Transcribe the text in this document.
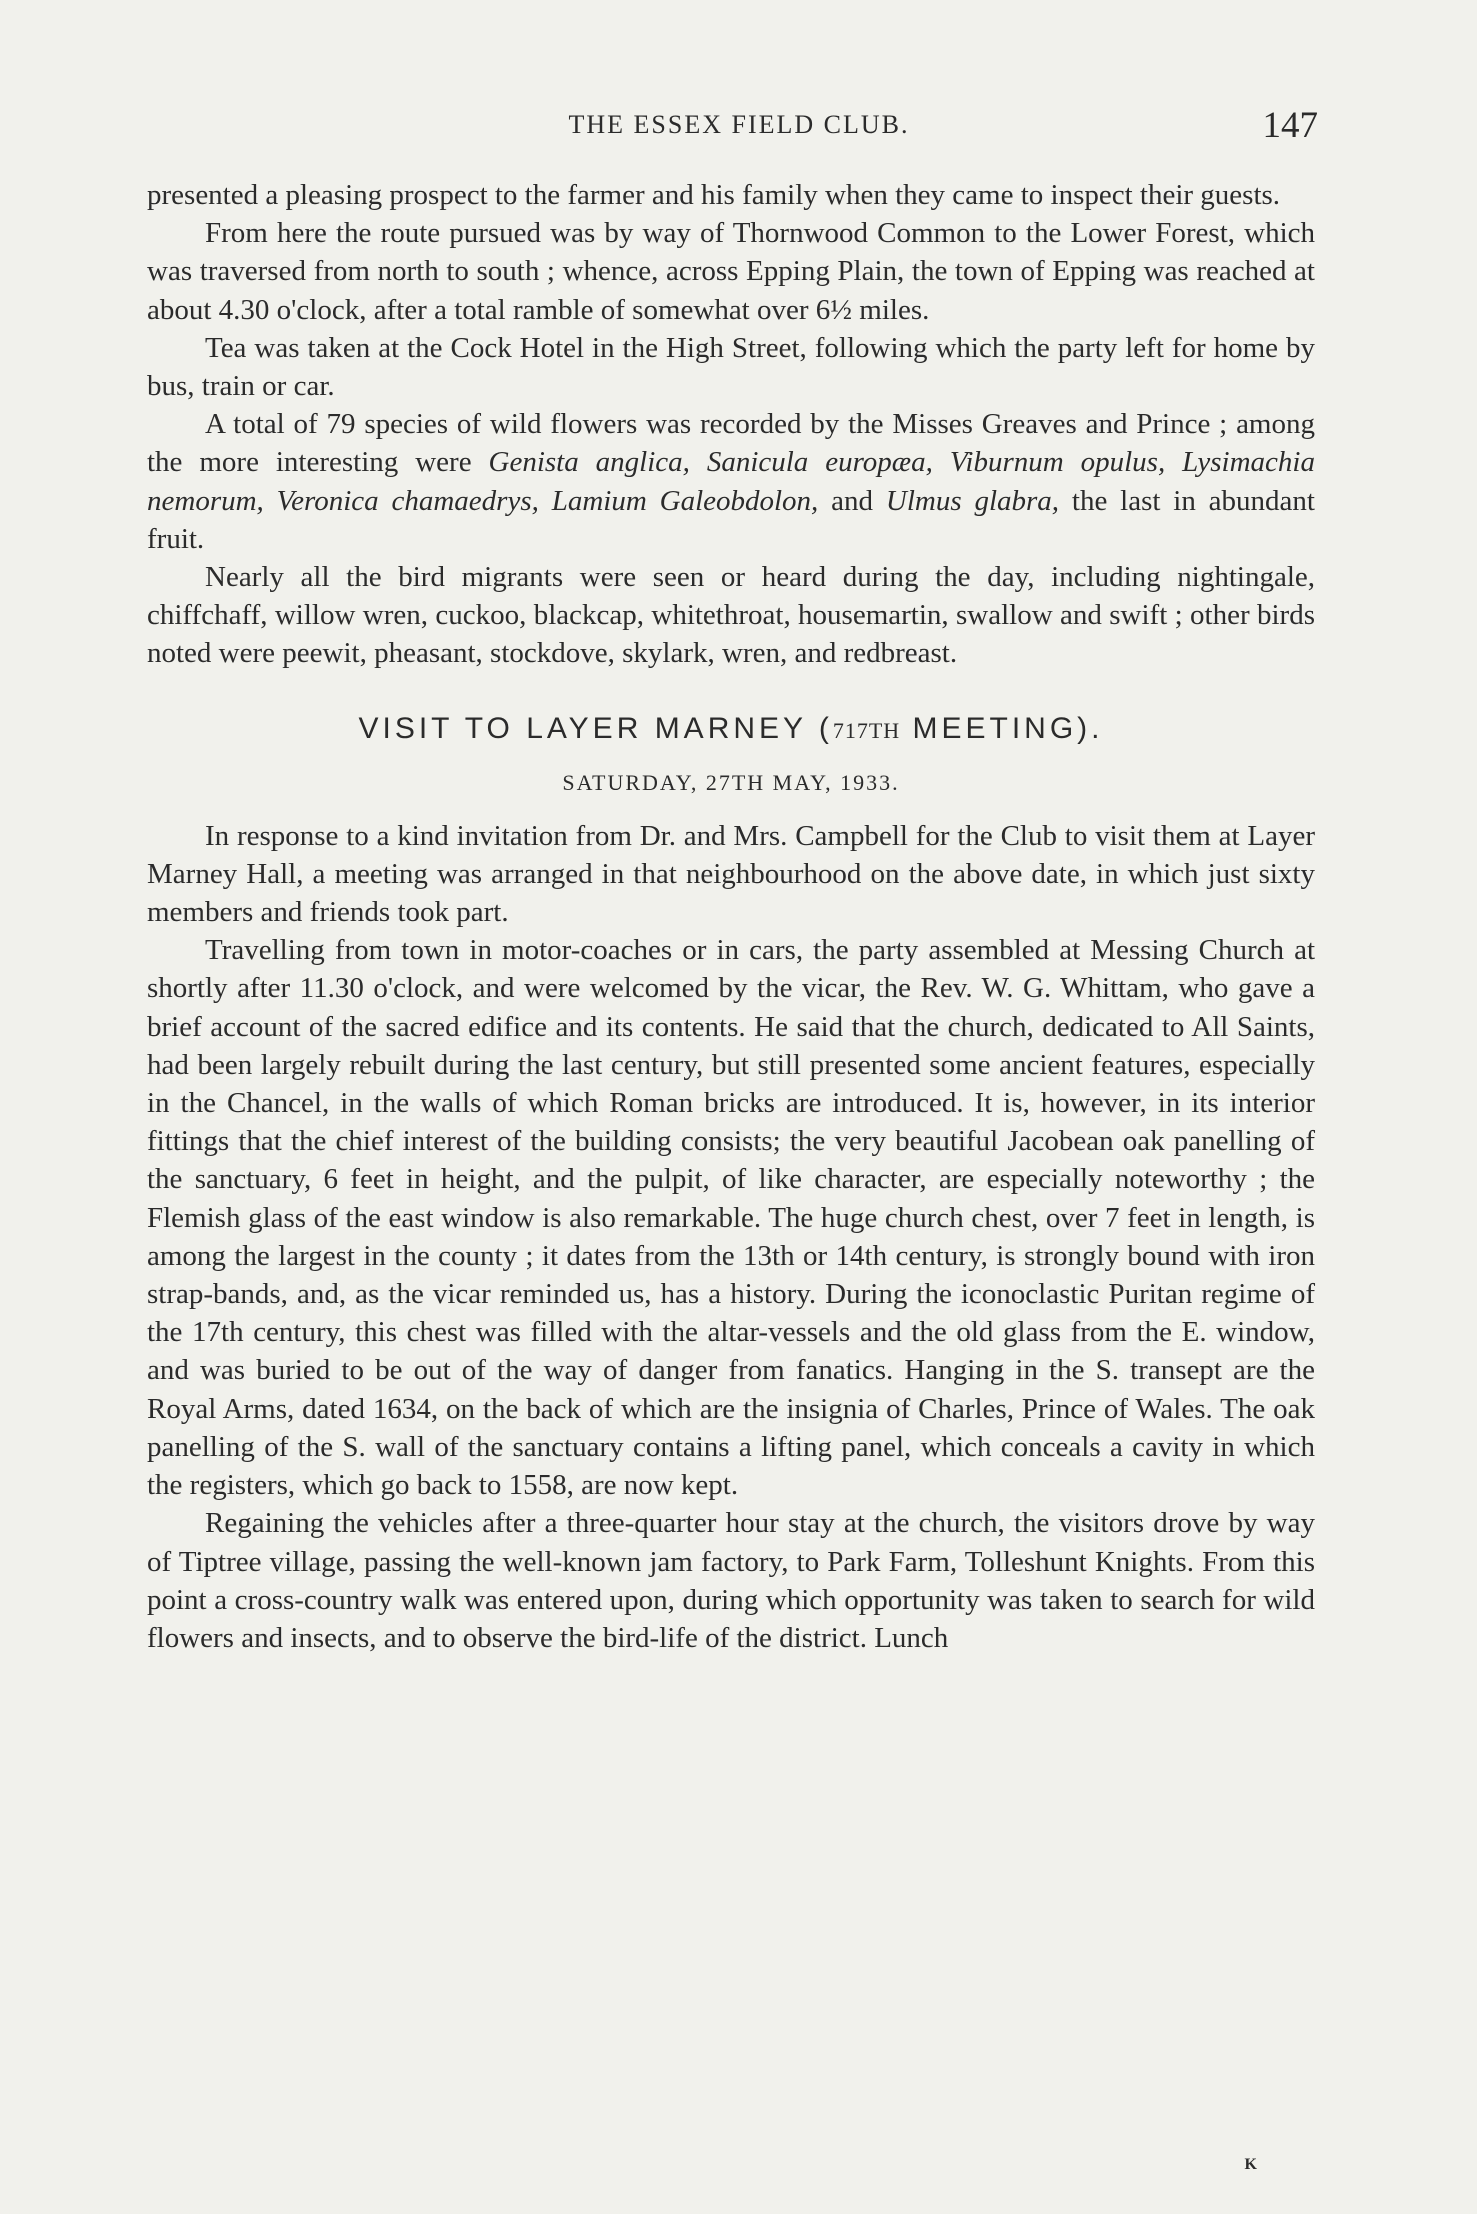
THE ESSEX FIELD CLUB.	147

presented a pleasing prospect to the farmer and his family when they came to inspect their guests.

From here the route pursued was by way of Thornwood Common to the Lower Forest, which was traversed from north to south ; whence, across Epping Plain, the town of Epping was reached at about 4.30 o'clock, after a total ramble of somewhat over 6½ miles.

Tea was taken at the Cock Hotel in the High Street, following which the party left for home by bus, train or car.

A total of 79 species of wild flowers was recorded by the Misses Greaves and Prince ; among the more interesting were Genista anglica, Sanicula europæa, Viburnum opulus, Lysimachia nemorum, Veronica chamaedrys, Lamium Galeobdolon, and Ulmus glabra, the last in abundant fruit.

Nearly all the bird migrants were seen or heard during the day, including nightingale, chiffchaff, willow wren, cuckoo, blackcap, whitethroat, housemartin, swallow and swift ; other birds noted were peewit, pheasant, stockdove, skylark, wren, and redbreast.

VISIT TO LAYER MARNEY (717TH MEETING).
SATURDAY, 27TH MAY, 1933.

In response to a kind invitation from Dr. and Mrs. Campbell for the Club to visit them at Layer Marney Hall, a meeting was arranged in that neighbourhood on the above date, in which just sixty members and friends took part.

Travelling from town in motor-coaches or in cars, the party assembled at Messing Church at shortly after 11.30 o'clock, and were welcomed by the vicar, the Rev. W. G. Whittam, who gave a brief account of the sacred edifice and its contents. He said that the church, dedicated to All Saints, had been largely rebuilt during the last century, but still presented some ancient features, especially in the Chancel, in the walls of which Roman bricks are introduced. It is, however, in its interior fittings that the chief interest of the building consists; the very beautiful Jacobean oak panelling of the sanctuary, 6 feet in height, and the pulpit, of like character, are especially noteworthy ; the Flemish glass of the east window is also remarkable. The huge church chest, over 7 feet in length, is among the largest in the county ; it dates from the 13th or 14th century, is strongly bound with iron strap-bands, and, as the vicar reminded us, has a history. During the iconoclastic Puritan regime of the 17th century, this chest was filled with the altar-vessels and the old glass from the E. window, and was buried to be out of the way of danger from fanatics. Hanging in the S. transept are the Royal Arms, dated 1634, on the back of which are the insignia of Charles, Prince of Wales. The oak panelling of the S. wall of the sanctuary contains a lifting panel, which conceals a cavity in which the registers, which go back to 1558, are now kept.

Regaining the vehicles after a three-quarter hour stay at the church, the visitors drove by way of Tiptree village, passing the well-known jam factory, to Park Farm, Tolleshunt Knights. From this point a cross-country walk was entered upon, during which opportunity was taken to search for wild flowers and insects, and to observe the bird-life of the district. Lunch

K
